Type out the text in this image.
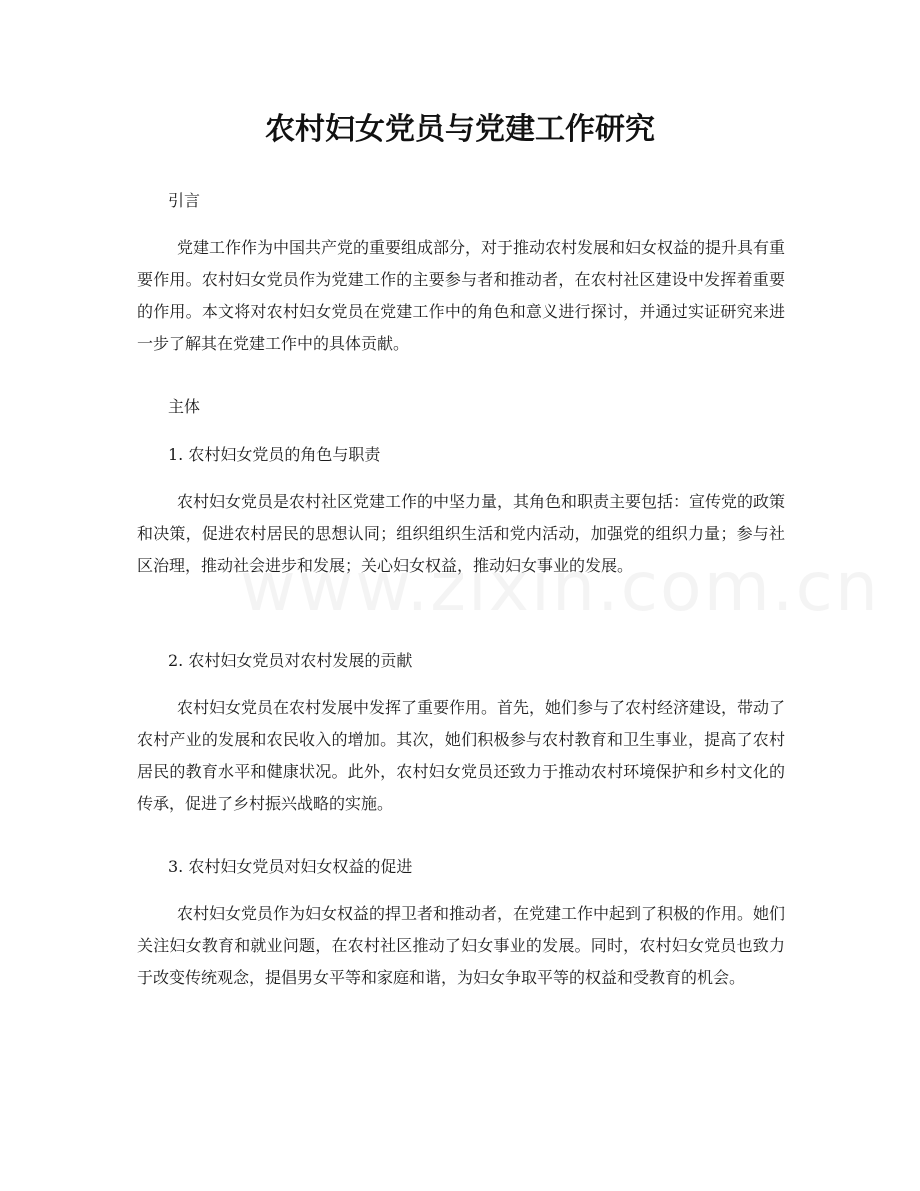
农村妇女党员与党建工作研究

引言

党建工作作为中国共产党的重要组成部分，对于推动农村发展和妇女权益的提升具有重要作用。农村妇女党员作为党建工作的主要参与者和推动者，在农村社区建设中发挥着重要的作用。本文将对农村妇女党员在党建工作中的角色和意义进行探讨，并通过实证研究来进一步了解其在党建工作中的具体贡献。

主体

1. 农村妇女党员的角色与职责

农村妇女党员是农村社区党建工作的中坚力量，其角色和职责主要包括：宣传党的政策和决策，促进农村居民的思想认同；组织组织生活和党内活动，加强党的组织力量；参与社区治理，推动社会进步和发展；关心妇女权益，推动妇女事业的发展。

2. 农村妇女党员对农村发展的贡献

农村妇女党员在农村发展中发挥了重要作用。首先，她们参与了农村经济建设，带动了农村产业的发展和农民收入的增加。其次，她们积极参与农村教育和卫生事业，提高了农村居民的教育水平和健康状况。此外，农村妇女党员还致力于推动农村环境保护和乡村文化的传承，促进了乡村振兴战略的实施。

3. 农村妇女党员对妇女权益的促进

农村妇女党员作为妇女权益的捍卫者和推动者，在党建工作中起到了积极的作用。她们关注妇女教育和就业问题，在农村社区推动了妇女事业的发展。同时，农村妇女党员也致力于改变传统观念，提倡男女平等和家庭和谐，为妇女争取平等的权益和受教育的机会。
